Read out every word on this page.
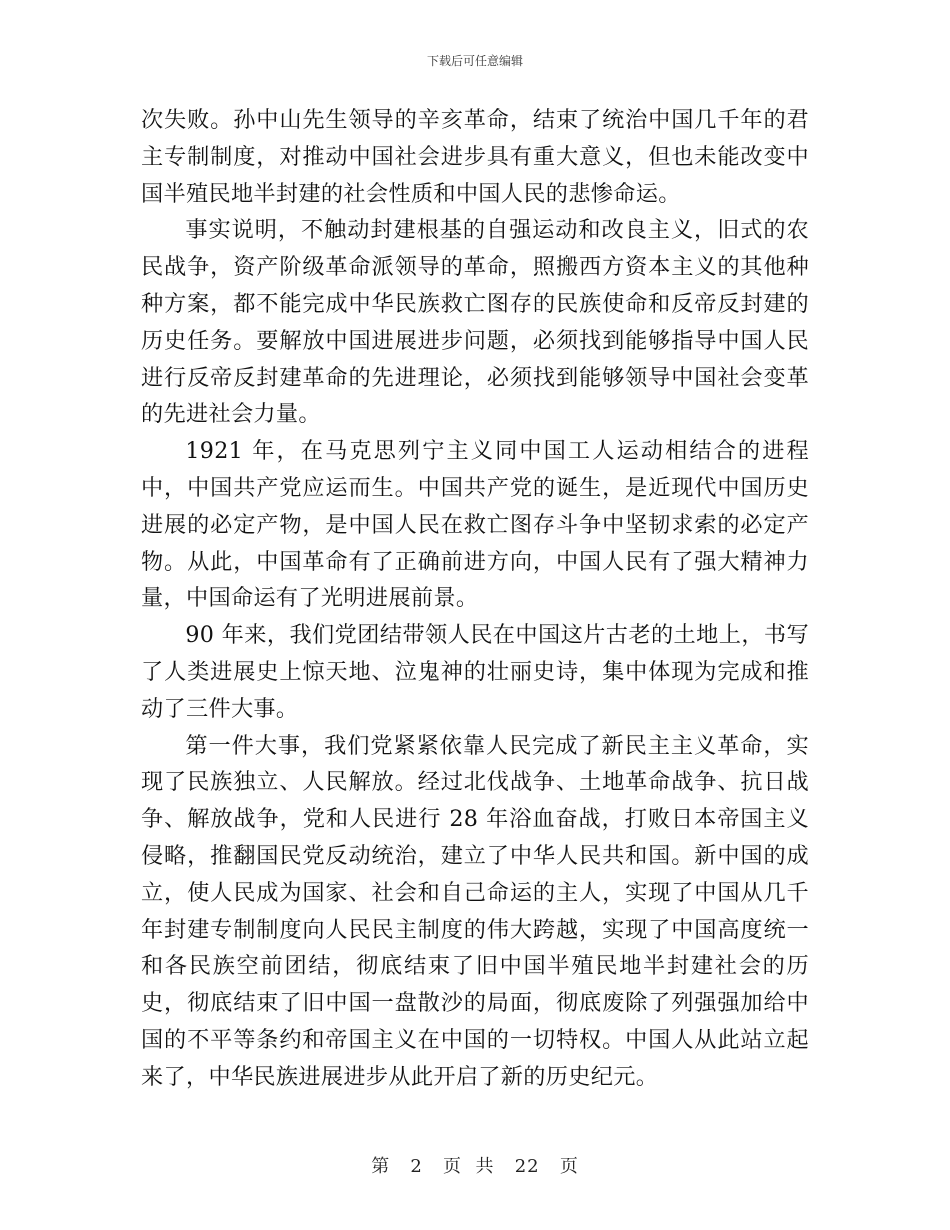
下载后可任意编辑

次失败。孙中山先生领导的辛亥革命，结束了统治中国几千年的君主专制制度，对推动中国社会进步具有重大意义，但也未能改变中国半殖民地半封建的社会性质和中国人民的悲惨命运。

事实说明，不触动封建根基的自强运动和改良主义，旧式的农民战争，资产阶级革命派领导的革命，照搬西方资本主义的其他种种方案，都不能完成中华民族救亡图存的民族使命和反帝反封建的历史任务。要解放中国进展进步问题，必须找到能够指导中国人民进行反帝反封建革命的先进理论，必须找到能够领导中国社会变革的先进社会力量。

1921 年，在马克思列宁主义同中国工人运动相结合的进程中，中国共产党应运而生。中国共产党的诞生，是近现代中国历史进展的必定产物，是中国人民在救亡图存斗争中坚韧求索的必定产物。从此，中国革命有了正确前进方向，中国人民有了强大精神力量，中国命运有了光明进展前景。

90 年来，我们党团结带领人民在中国这片古老的土地上，书写了人类进展史上惊天地、泣鬼神的壮丽史诗，集中体现为完成和推动了三件大事。

第一件大事，我们党紧紧依靠人民完成了新民主主义革命，实现了民族独立、人民解放。经过北伐战争、土地革命战争、抗日战争、解放战争，党和人民进行 28 年浴血奋战，打败日本帝国主义侵略，推翻国民党反动统治，建立了中华人民共和国。新中国的成立，使人民成为国家、社会和自己命运的主人，实现了中国从几千年封建专制制度向人民民主制度的伟大跨越，实现了中国高度统一和各民族空前团结，彻底结束了旧中国半殖民地半封建社会的历史，彻底结束了旧中国一盘散沙的局面，彻底废除了列强强加给中国的不平等条约和帝国主义在中国的一切特权。中国人从此站立起来了，中华民族进展进步从此开启了新的历史纪元。

第 2 页  共 22 页
